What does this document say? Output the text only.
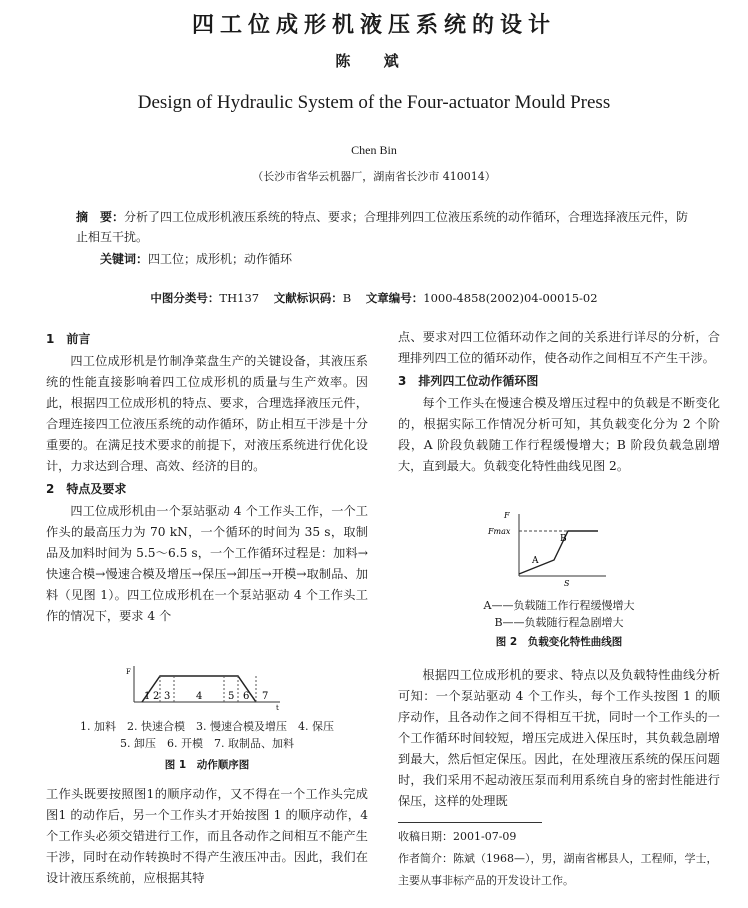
四工位成形机液压系统的设计
陈 斌
Design of Hydraulic System of the Four-actuator Mould Press
Chen Bin
（长沙市省华云机器厂，湖南省长沙市 410014）
摘　要：分析了四工位成形机液压系统的特点、要求；合理排列四工位液压系统的动作循环，合理选择液压元件，防止相互干扰。
关键词：四工位；成形机；动作循环
中图分类号：TH137 文献标识码：B 文章编号：1000-4858(2002)04-00015-02
1　前言

四工位成形机是竹制净菜盘生产的关键设备，其液压系统的性能直接影响着四工位成形机的质量与生产效率。因此，根据四工位成形机的特点、要求，合理选择液压元件，合理连接四工位液压系统的动作循环，防止相互干涉是十分重要的。在满足技术要求的前提下，对液压系统进行优化设计，力求达到合理、高效、经济的目的。

2　特点及要求

四工位成形机由一个泵站驱动 4 个工作头工作，一个工作头的最高压力为 70 kN，一个循环的时间为 35 s，取制品及加料时间为 5.5～6.5 s，一个工作循环过程是：加料→快速合模→慢速合模及增压→保压→卸压→开模→取制品、加料（见图 1）。四工位成形机在一个泵站驱动 4 个工作头工作的情况下，要求 4 个

F
t
1 2 3	4	5 6 7
1. 加料　2. 快速合模　3. 慢速合模及增压　4. 保压
5. 卸压　6. 开模　7. 取制品、加料
图 1　动作顺序图

工作头既要按照图1的顺序动作，又不得在一个工作头完成图1 的动作后，另一个工作头才开始按图 1 的顺序动作，4 个工作头必须交错进行工作，而且各动作之间相互不能产生干涉，同时在动作转换时不得产生液压冲击。因此，我们在设计液压系统前，应根据其特

点、要求对四工位循环动作之间的关系进行详尽的分析，合理排列四工位的循环动作，使各动作之间相互不产生干涉。

3　排列四工位动作循环图

每个工作头在慢速合模及增压过程中的负载是不断变化的，根据实际工作情况分析可知，其负载变化分为 2 个阶段，A 阶段负载随工作行程缓慢增大；B 阶段负载急剧增大，直到最大。负载变化特性曲线见图 2。

F
Fmax
S
A
B
A——负载随工作行程缓慢增大
B——负载随行程急剧增大
图 2　负载变化特性曲线图

根据四工位成形机的要求、特点以及负载特性曲线分析可知：一个泵站驱动 4 个工作头，每个工作头按图 1 的顺序动作，且各动作之间不得相互干扰，同时一个工作头的一个工作循环时间较短，增压完成进入保压时，其负载急剧增到最大，然后恒定保压。因此，在处理液压系统的保压问题时，我们采用不起动液压泵而利用系统自身的密封性能进行保压，这样的处理既

收稿日期：2001-07-09
作者简介：陈斌（1968—），男，湖南省郴县人，工程师，学士，主要从事非标产品的开发设计工作。
